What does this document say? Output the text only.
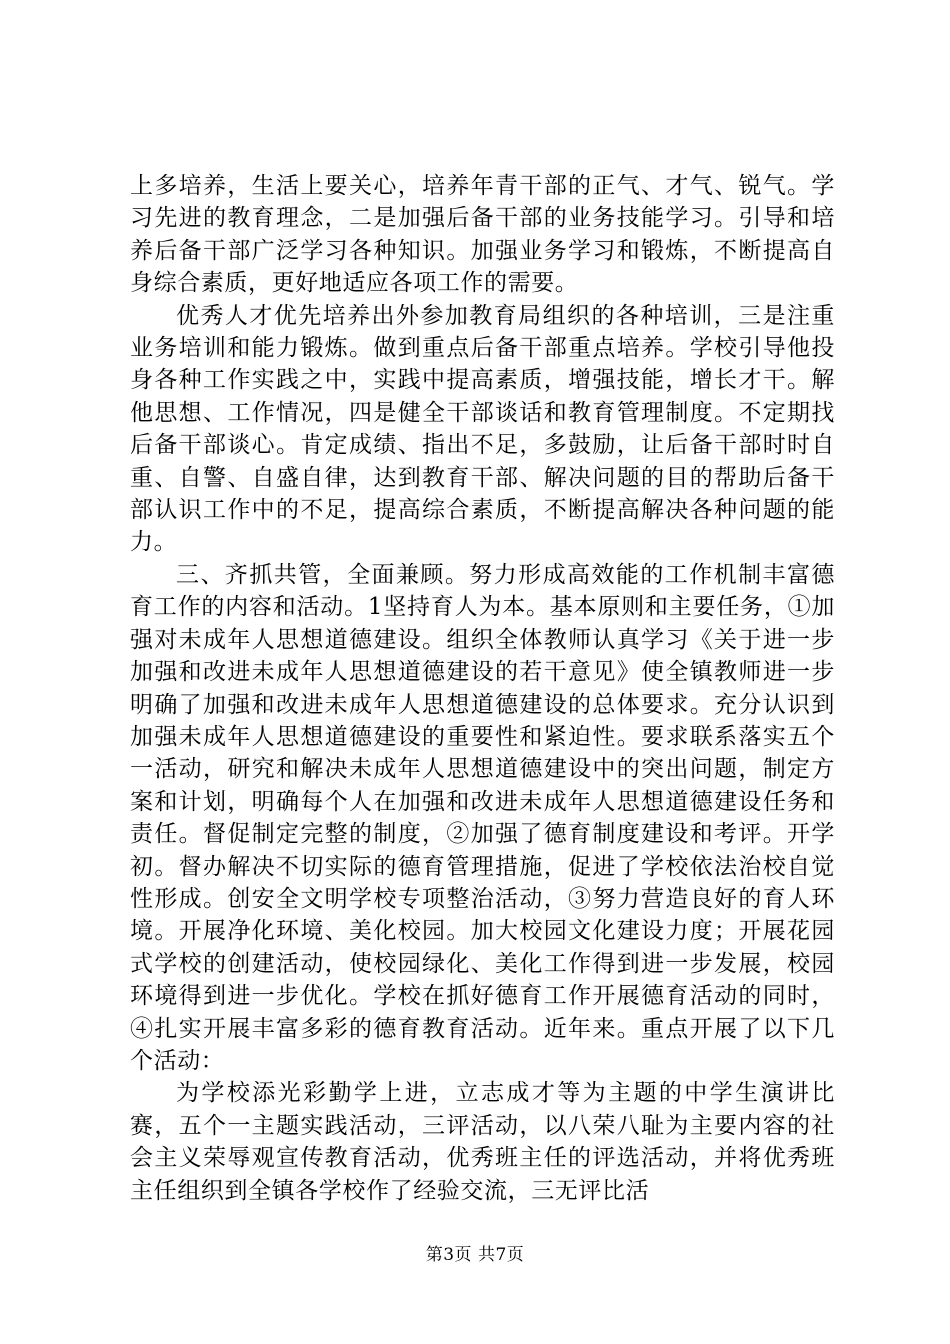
上多培养，生活上要关心，培养年青干部的正气、才气、锐气。学习先进的教育理念，二是加强后备干部的业务技能学习。引导和培养后备干部广泛学习各种知识。加强业务学习和锻炼，不断提高自身综合素质，更好地适应各项工作的需要。

优秀人才优先培养出外参加教育局组织的各种培训，三是注重业务培训和能力锻炼。做到重点后备干部重点培养。学校引导他投身各种工作实践之中，实践中提高素质，增强技能，增长才干。解他思想、工作情况，四是健全干部谈话和教育管理制度。不定期找后备干部谈心。肯定成绩、指出不足，多鼓励，让后备干部时时自重、自警、自盛自律，达到教育干部、解决问题的目的帮助后备干部认识工作中的不足，提高综合素质，不断提高解决各种问题的能力。

三、齐抓共管，全面兼顾。努力形成高效能的工作机制丰富德育工作的内容和活动。1坚持育人为本。基本原则和主要任务，①加强对未成年人思想道德建设。组织全体教师认真学习《关于进一步加强和改进未成年人思想道德建设的若干意见》使全镇教师进一步明确了加强和改进未成年人思想道德建设的总体要求。充分认识到加强未成年人思想道德建设的重要性和紧迫性。要求联系落实五个一活动，研究和解决未成年人思想道德建设中的突出问题，制定方案和计划，明确每个人在加强和改进未成年人思想道德建设任务和责任。督促制定完整的制度，②加强了德育制度建设和考评。开学初。督办解决不切实际的德育管理措施，促进了学校依法治校自觉性形成。创安全文明学校专项整治活动，③努力营造良好的育人环境。开展净化环境、美化校园。加大校园文化建设力度；开展花园式学校的创建活动，使校园绿化、美化工作得到进一步发展，校园环境得到进一步优化。学校在抓好德育工作开展德育活动的同时，④扎实开展丰富多彩的德育教育活动。近年来。重点开展了以下几个活动：

为学校添光彩勤学上进，立志成才等为主题的中学生演讲比赛，五个一主题实践活动，三评活动，以八荣八耻为主要内容的社会主义荣辱观宣传教育活动，优秀班主任的评选活动，并将优秀班主任组织到全镇各学校作了经验交流，三无评比活

第3页 共7页
